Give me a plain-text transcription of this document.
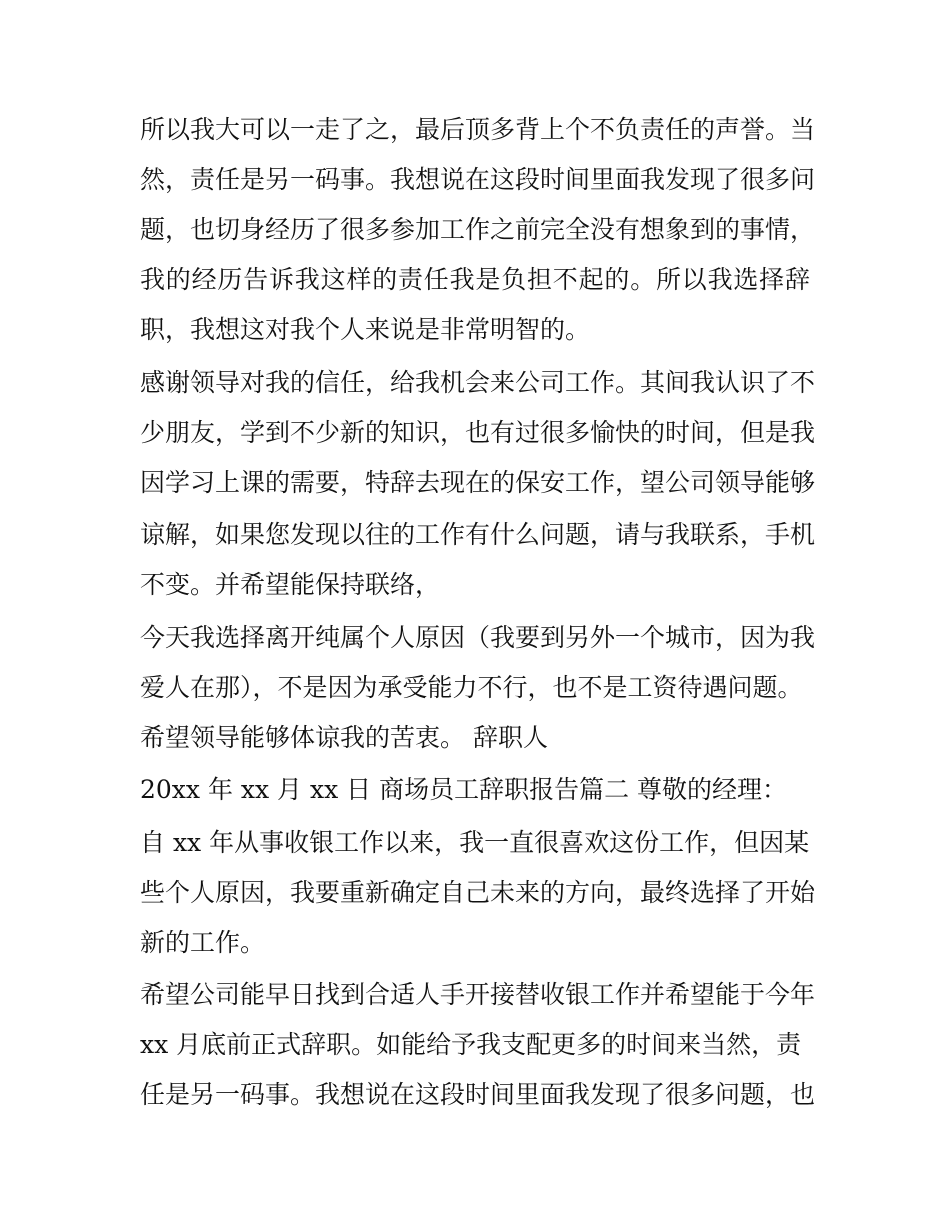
所以我大可以一走了之，最后顶多背上个不负责任的声誉。当
然，责任是另一码事。我想说在这段时间里面我发现了很多问
题，也切身经历了很多参加工作之前完全没有想象到的事情，
我的经历告诉我这样的责任我是负担不起的。所以我选择辞
职，我想这对我个人来说是非常明智的。
感谢领导对我的信任，给我机会来公司工作。其间我认识了不
少朋友，学到不少新的知识，也有过很多愉快的时间，但是我
因学习上课的需要，特辞去现在的保安工作，望公司领导能够
谅解，如果您发现以往的工作有什么问题，请与我联系，手机
不变。并希望能保持联络，
今天我选择离开纯属个人原因（我要到另外一个城市，因为我
爱人在那），不是因为承受能力不行，也不是工资待遇问题。
希望领导能够体谅我的苦衷。 辞职人
20xx 年 xx 月 xx 日 商场员工辞职报告篇二 尊敬的经理：
自 xx 年从事收银工作以来，我一直很喜欢这份工作，但因某
些个人原因，我要重新确定自己未来的方向，最终选择了开始
新的工作。
希望公司能早日找到合适人手开接替收银工作并希望能于今年
xx 月底前正式辞职。如能给予我支配更多的时间来当然，责
任是另一码事。我想说在这段时间里面我发现了很多问题，也
